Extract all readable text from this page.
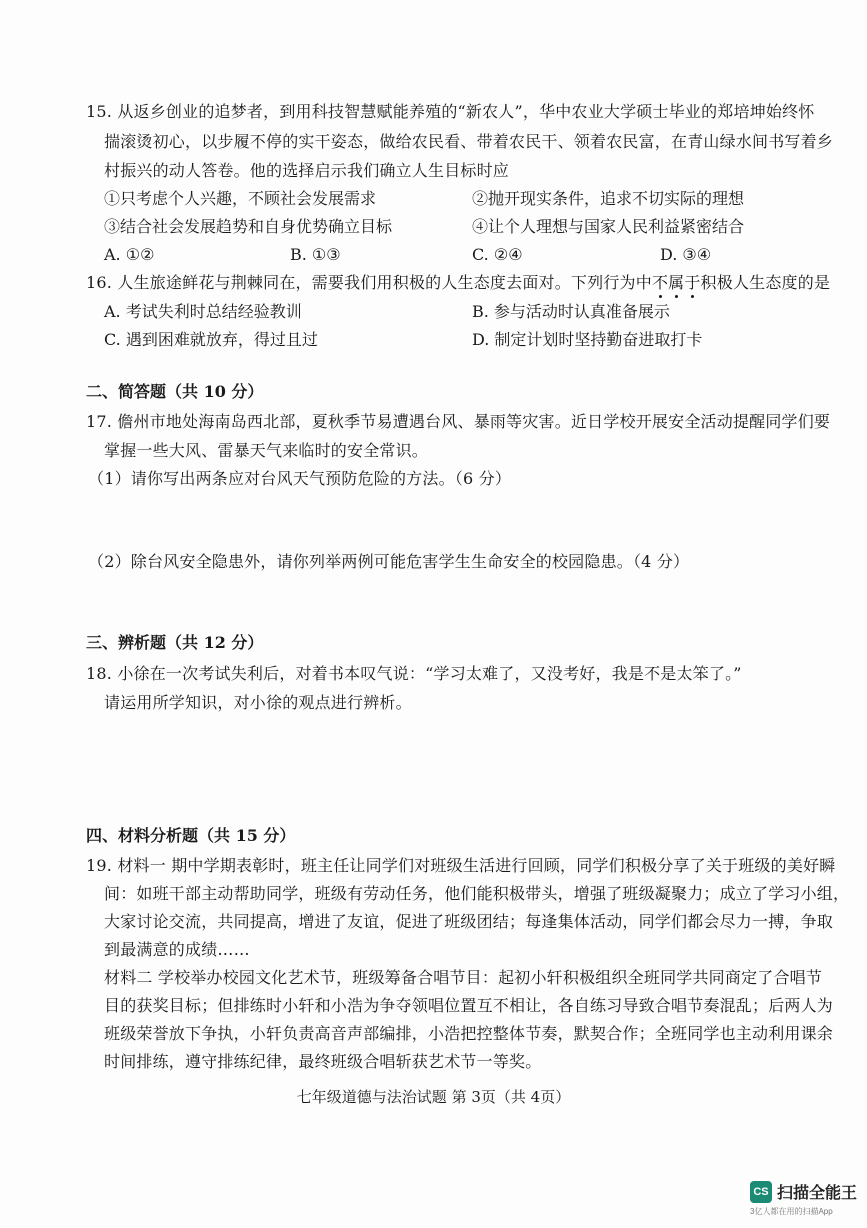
15. 从返乡创业的追梦者，到用科技智慧赋能养殖的“新农人”，华中农业大学硕士毕业的郑培坤始终怀
揣滚烫初心，以步履不停的实干姿态，做给农民看、带着农民干、领着农民富，在青山绿水间书写着乡
村振兴的动人答卷。他的选择启示我们确立人生目标时应
①只考虑个人兴趣，不顾社会发展需求	②抛开现实条件，追求不切实际的理想
③结合社会发展趋势和自身优势确立目标	④让个人理想与国家人民利益紧密结合
A. ①②	B. ①③	C. ②④	D. ③④
16. 人生旅途鲜花与荆棘同在，需要我们用积极的人生态度去面对。下列行为中不属于积极人生态度的是
A. 考试失利时总结经验教训	B. 参与活动时认真准备展示
C. 遇到困难就放弃，得过且过	D. 制定计划时坚持勤奋进取打卡
二、简答题（共 10 分）
17. 儋州市地处海南岛西北部，夏秋季节易遭遇台风、暴雨等灾害。近日学校开展安全活动提醒同学们要
掌握一些大风、雷暴天气来临时的安全常识。
（1）请你写出两条应对台风天气预防危险的方法。（6 分）
（2）除台风安全隐患外，请你列举两例可能危害学生生命安全的校园隐患。（4 分）
三、辨析题（共 12 分）
18. 小徐在一次考试失利后，对着书本叹气说：“学习太难了，又没考好，我是不是太笨了。”
请运用所学知识，对小徐的观点进行辨析。
四、材料分析题（共 15 分）
19. 材料一 期中学期表彰时，班主任让同学们对班级生活进行回顾，同学们积极分享了关于班级的美好瞬
间：如班干部主动帮助同学，班级有劳动任务，他们能积极带头，增强了班级凝聚力；成立了学习小组，
大家讨论交流，共同提高，增进了友谊，促进了班级团结；每逢集体活动，同学们都会尽力一搏，争取
到最满意的成绩……
材料二 学校举办校园文化艺术节，班级筹备合唱节目：起初小轩积极组织全班同学共同商定了合唱节
目的获奖目标；但排练时小轩和小浩为争夺领唱位置互不相让，各自练习导致合唱节奏混乱；后两人为
班级荣誉放下争执，小轩负责高音声部编排，小浩把控整体节奏，默契合作；全班同学也主动利用课余
时间排练，遵守排练纪律，最终班级合唱斩获艺术节一等奖。
七年级道德与法治试题 第 3页（共 4页）
CS 扫描全能王
3亿人都在用的扫描App
